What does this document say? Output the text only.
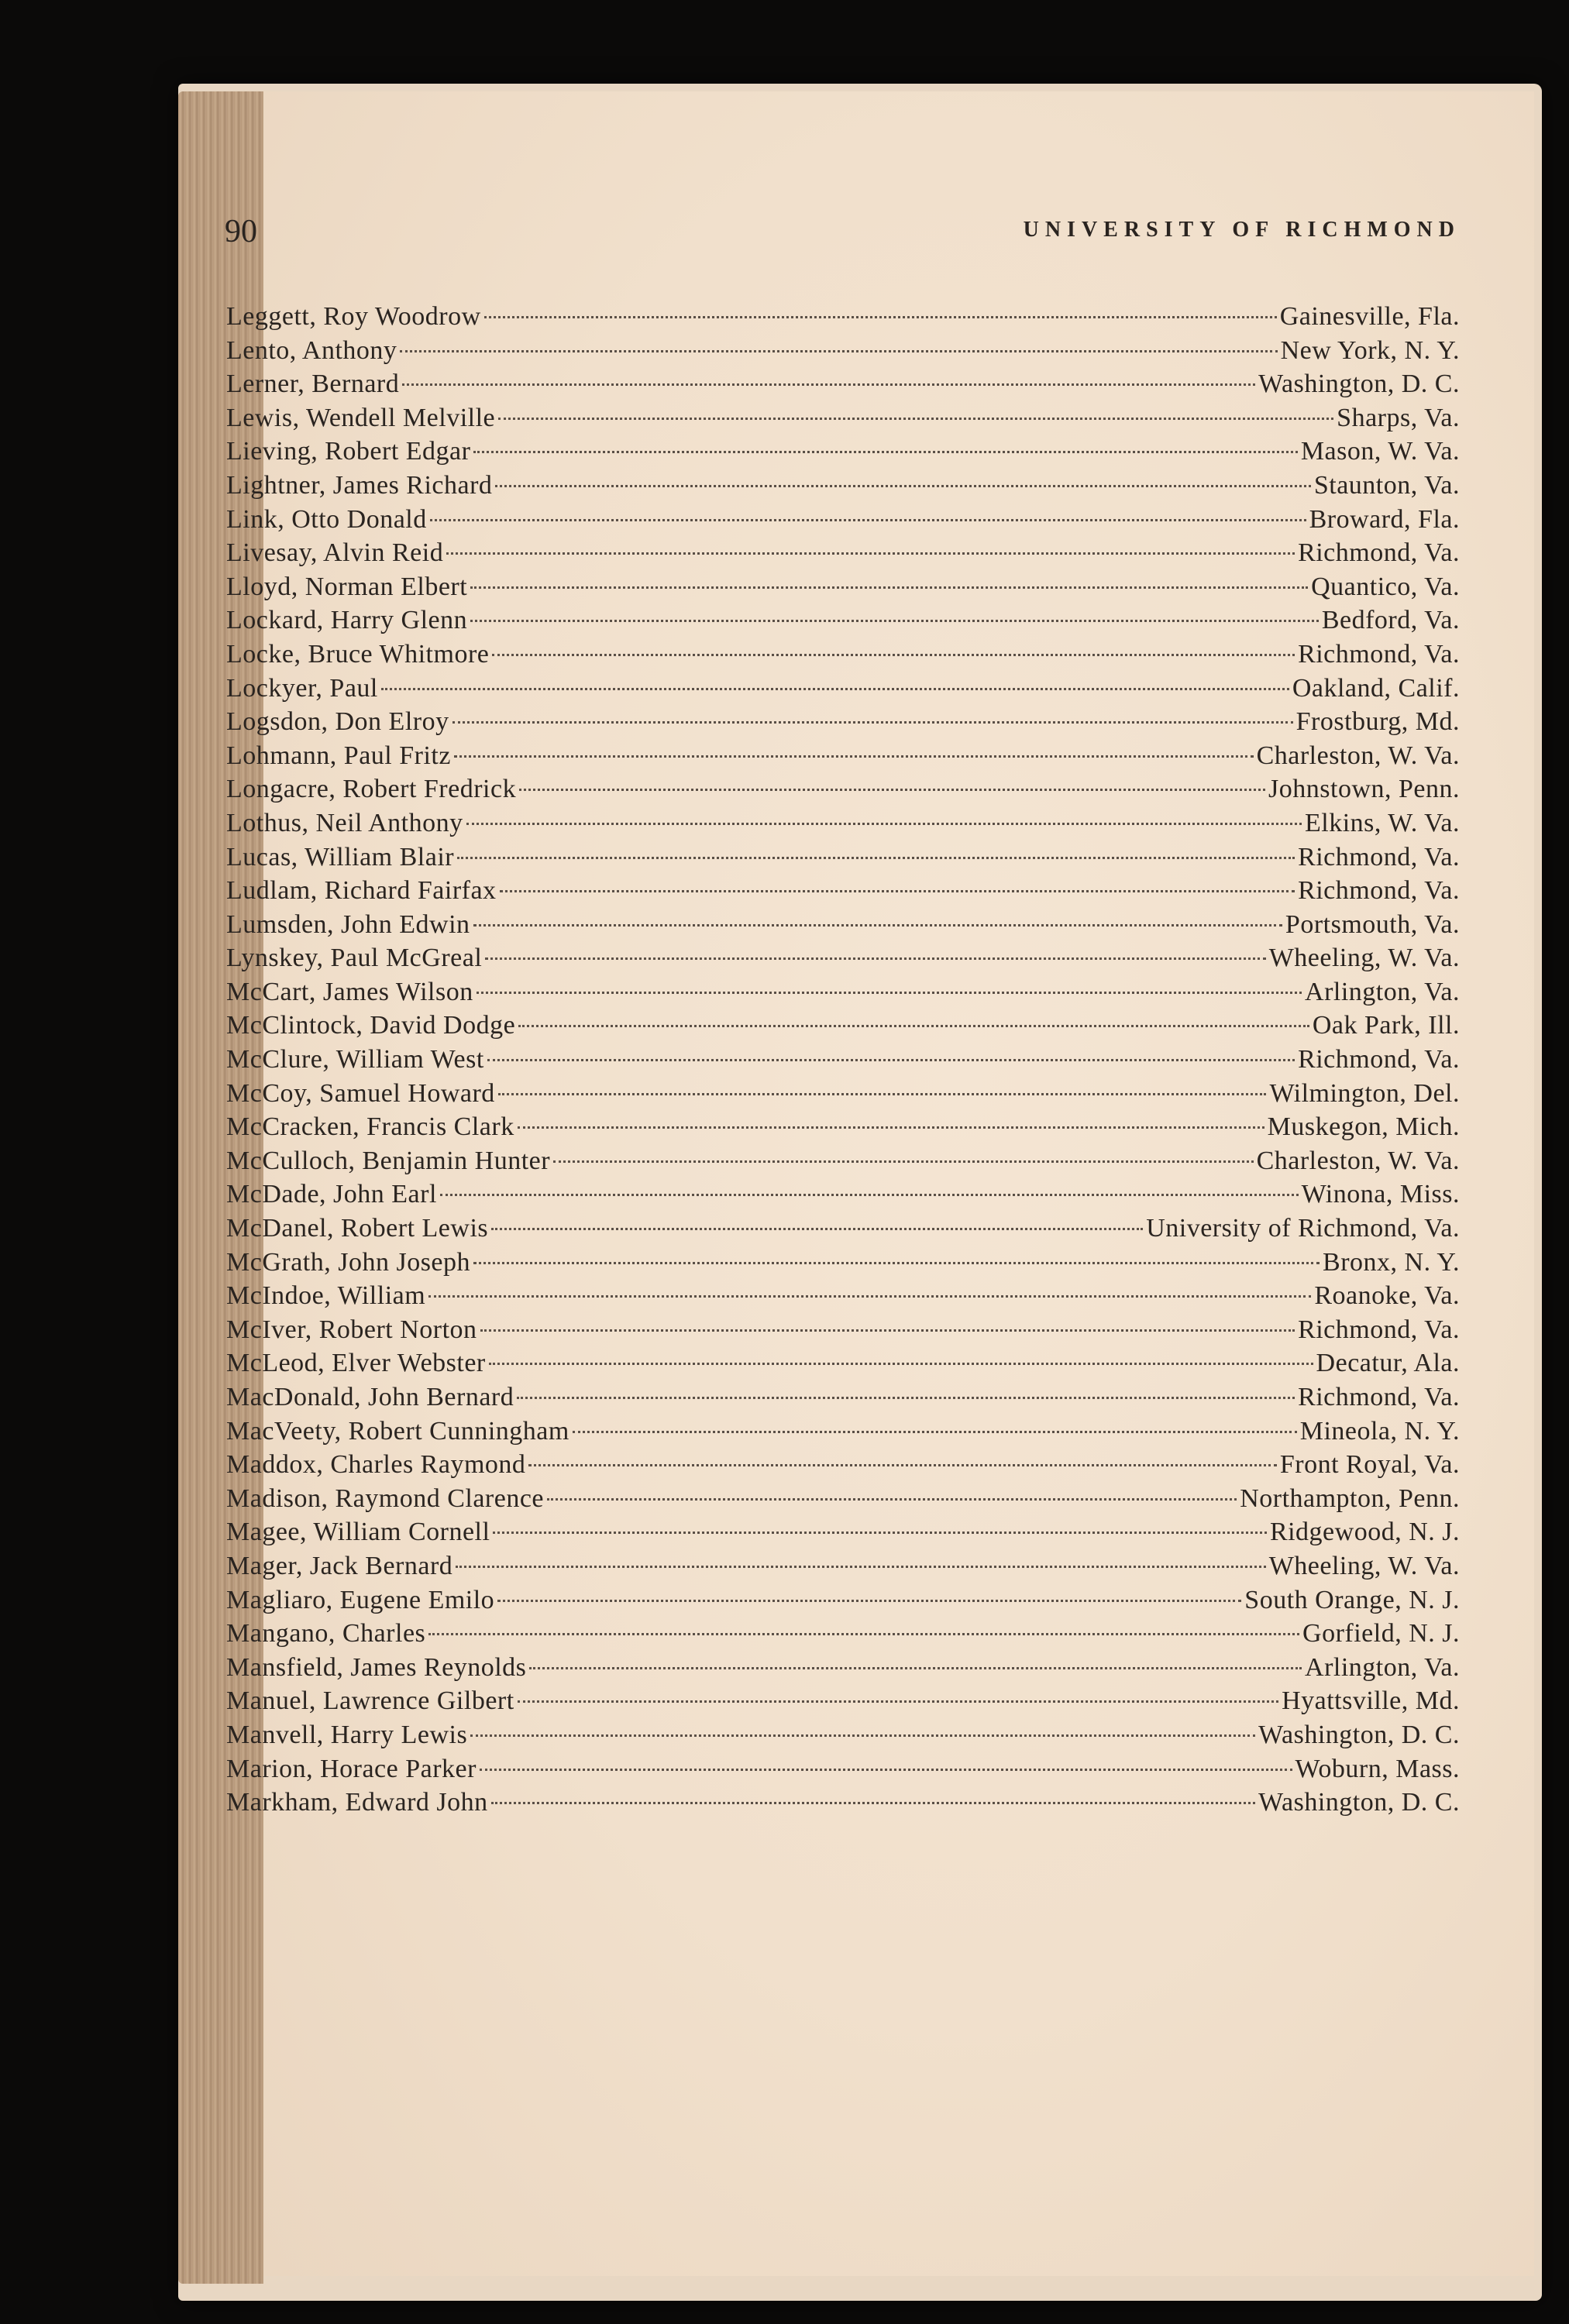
90	UNIVERSITY OF RICHMOND
Leggett, Roy Woodrow	Gainesville, Fla.
Lento, Anthony	New York, N. Y.
Lerner, Bernard	Washington, D. C.
Lewis, Wendell Melville	Sharps, Va.
Lieving, Robert Edgar	Mason, W. Va.
Lightner, James Richard	Staunton, Va.
Link, Otto Donald	Broward, Fla.
Livesay, Alvin Reid	Richmond, Va.
Lloyd, Norman Elbert	Quantico, Va.
Lockard, Harry Glenn	Bedford, Va.
Locke, Bruce Whitmore	Richmond, Va.
Lockyer, Paul	Oakland, Calif.
Logsdon, Don Elroy	Frostburg, Md.
Lohmann, Paul Fritz	Charleston, W. Va.
Longacre, Robert Fredrick	Johnstown, Penn.
Lothus, Neil Anthony	Elkins, W. Va.
Lucas, William Blair	Richmond, Va.
Ludlam, Richard Fairfax	Richmond, Va.
Lumsden, John Edwin	Portsmouth, Va.
Lynskey, Paul McGreal	Wheeling, W. Va.
McCart, James Wilson	Arlington, Va.
McClintock, David Dodge	Oak Park, Ill.
McClure, William West	Richmond, Va.
McCoy, Samuel Howard	Wilmington, Del.
McCracken, Francis Clark	Muskegon, Mich.
McCulloch, Benjamin Hunter	Charleston, W. Va.
McDade, John Earl	Winona, Miss.
McDanel, Robert Lewis	University of Richmond, Va.
McGrath, John Joseph	Bronx, N. Y.
McIndoe, William	Roanoke, Va.
McIver, Robert Norton	Richmond, Va.
McLeod, Elver Webster	Decatur, Ala.
MacDonald, John Bernard	Richmond, Va.
MacVeety, Robert Cunningham	Mineola, N. Y.
Maddox, Charles Raymond	Front Royal, Va.
Madison, Raymond Clarence	Northampton, Penn.
Magee, William Cornell	Ridgewood, N. J.
Mager, Jack Bernard	Wheeling, W. Va.
Magliaro, Eugene Emilo	South Orange, N. J.
Mangano, Charles	Gorfield, N. J.
Mansfield, James Reynolds	Arlington, Va.
Manuel, Lawrence Gilbert	Hyattsville, Md.
Manvell, Harry Lewis	Washington, D. C.
Marion, Horace Parker	Woburn, Mass.
Markham, Edward John	Washington, D. C.
